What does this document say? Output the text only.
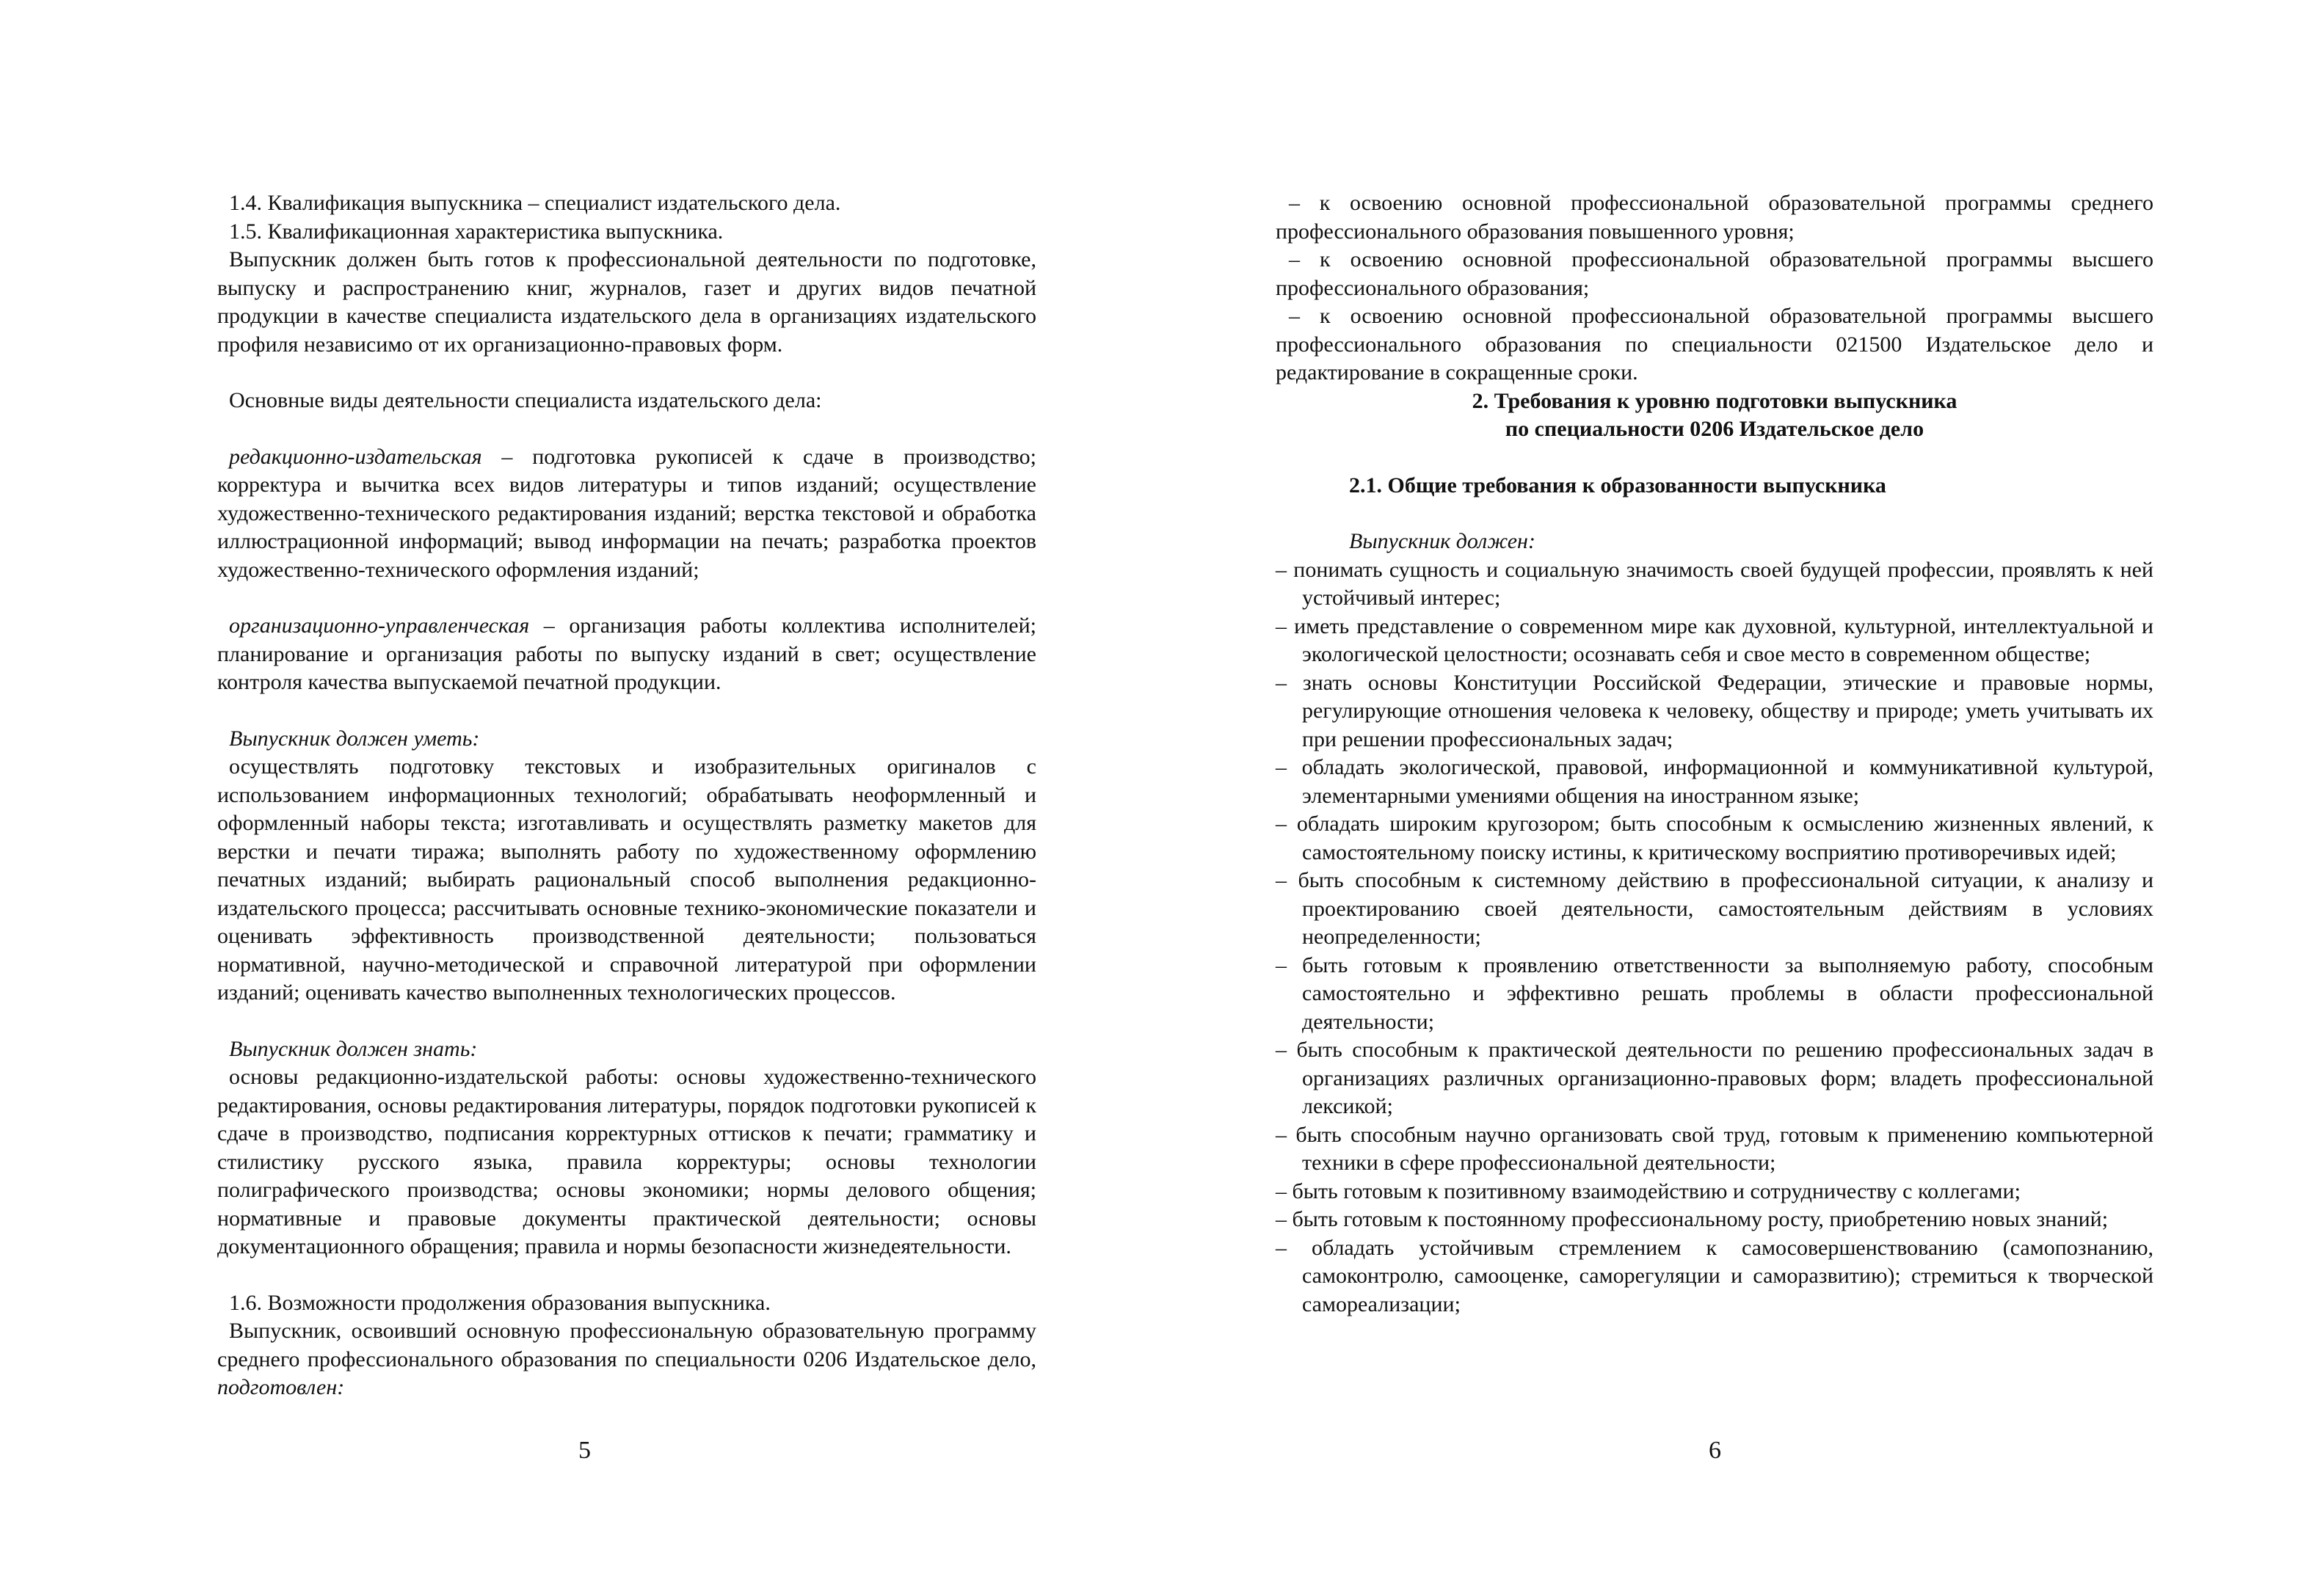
1.4. Квалификация выпускника – специалист издательского дела.

1.5. Квалификационная характеристика выпускника.

Выпускник должен быть готов к профессиональной деятельности по подготовке, выпуску и распространению книг, журналов, газет и других видов печатной продукции в качестве специалиста издательского дела в организациях издательского профиля независимо от их организационно-правовых форм.

Основные виды деятельности специалиста издательского дела:

редакционно-издательская – подготовка рукописей к сдаче в производство; корректура и вычитка всех видов литературы и типов изданий; осуществление художественно-технического редактирования изданий; верстка текстовой и обработка иллюстрационной информаций; вывод информации на печать; разработка проектов художественно-технического оформления изданий;

организационно-управленческая – организация работы коллектива исполнителей; планирование и организация работы по выпуску изданий в свет; осуществление контроля качества выпускаемой печатной продукции.

Выпускник должен уметь:

осуществлять подготовку текстовых и изобразительных оригиналов с использованием информационных технологий; обрабатывать неоформленный и оформленный наборы текста; изготавливать и осуществлять разметку макетов для верстки и печати тиража; выполнять работу по художественному оформлению печатных изданий; выбирать рациональный способ выполнения редакционно-издательского процесса; рассчитывать основные технико-экономические показатели и оценивать эффективность производственной деятельности; пользоваться нормативной, научно-методической и справочной литературой при оформлении изданий; оценивать качество выполненных технологических процессов.

Выпускник должен знать:

основы редакционно-издательской работы: основы художественно-технического редактирования, основы редактирования литературы, порядок подготовки рукописей к сдаче в производство, подписания корректурных оттисков к печати; грамматику и стилистику русского языка, правила корректуры; основы технологии полиграфического производства; основы экономики; нормы делового общения; нормативные и правовые документы практической деятельности; основы документационного обращения; правила и нормы безопасности жизнедеятельности.

1.6. Возможности продолжения образования выпускника.

Выпускник, освоивший основную профессиональную образовательную программу среднего профессионального образования по специальности 0206 Издательское дело, подготовлен:

– к освоению основной профессиональной образовательной программы среднего профессионального образования повышенного уровня;

– к освоению основной профессиональной образовательной программы высшего профессионального образования;

– к освоению основной профессиональной образовательной программы высшего профессионального образования по специальности 021500 Издательское дело и редактирование в сокращенные сроки.

2. Требования к уровню подготовки выпускника

по специальности 0206 Издательское дело

2.1. Общие требования к образованности выпускника

Выпускник должен:

– понимать сущность и социальную значимость своей будущей профессии, проявлять к ней устойчивый интерес;

– иметь представление о современном мире как духовной, культурной, интеллектуальной и экологической целостности; осознавать себя и свое место в современном обществе;

– знать основы Конституции Российской Федерации, этические и правовые нормы, регулирующие отношения человека к человеку, обществу и природе; уметь учитывать их при решении профессиональных задач;

– обладать экологической, правовой, информационной и коммуникативной культурой, элементарными умениями общения на иностранном языке;

– обладать широким кругозором; быть способным к осмыслению жизненных явлений, к самостоятельному поиску истины, к критическому восприятию противоречивых идей;

– быть способным к системному действию в профессиональной ситуации, к анализу и проектированию своей деятельности, самостоятельным действиям в условиях неопределенности;

– быть готовым к проявлению ответственности за выполняемую работу, способным самостоятельно и эффективно решать проблемы в области профессиональной деятельности;

– быть способным к практической деятельности по решению профессиональных задач в организациях различных организационно-правовых форм; владеть профессиональной лексикой;

– быть способным научно организовать свой труд, готовым к применению компьютерной техники в сфере профессиональной деятельности;

– быть готовым к позитивному взаимодействию и сотрудничеству с коллегами;

– быть готовым к постоянному профессиональному росту, приобретению новых знаний;

– обладать устойчивым стремлением к самосовершенствованию (самопознанию, самоконтролю, самооценке, саморегуляции и саморазвитию); стремиться к творческой самореализации;

5	6
